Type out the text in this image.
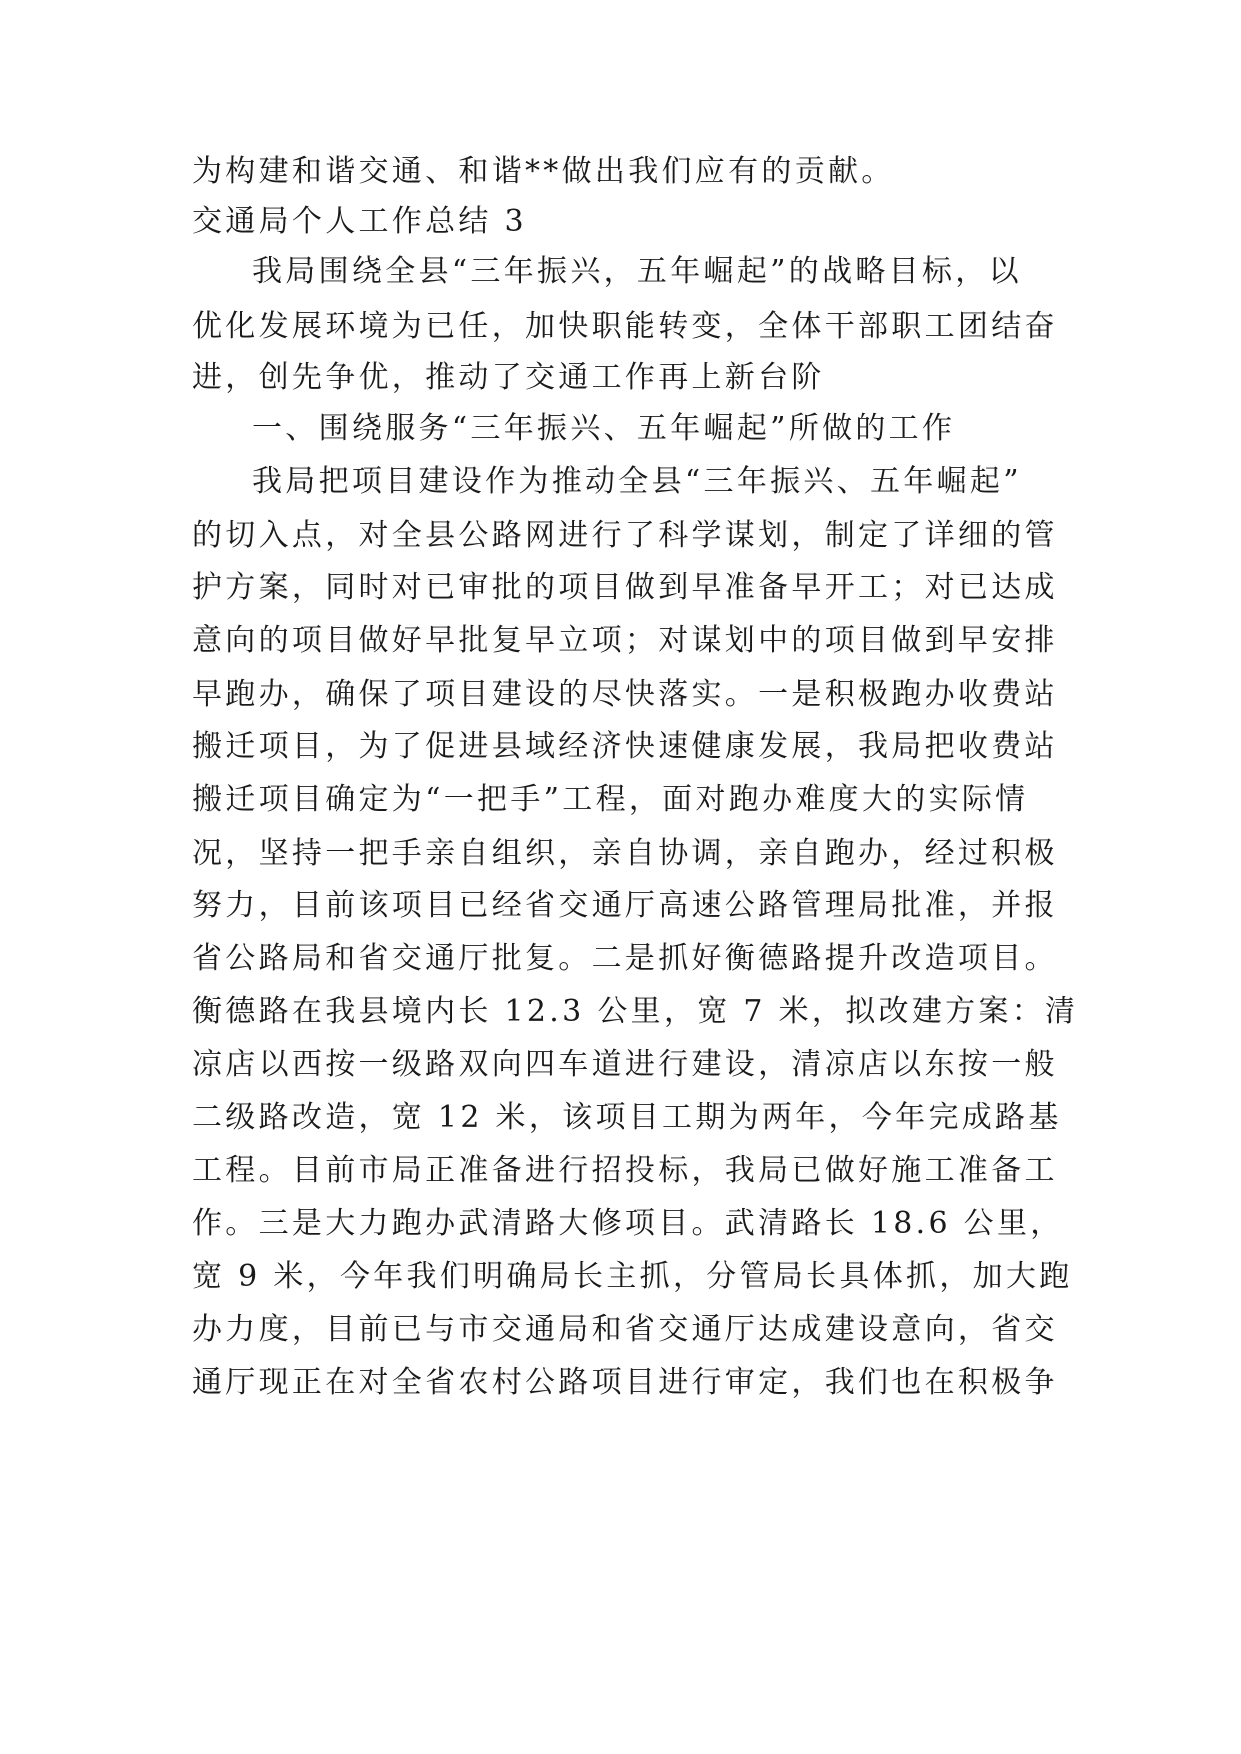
为构建和谐交通、和谐**做出我们应有的贡献。
交通局个人工作总结 3
我局围绕全县“三年振兴，五年崛起”的战略目标，以
优化发展环境为已任，加快职能转变，全体干部职工团结奋
进，创先争优，推动了交通工作再上新台阶
一、围绕服务“三年振兴、五年崛起”所做的工作
我局把项目建设作为推动全县“三年振兴、五年崛起”
的切入点，对全县公路网进行了科学谋划，制定了详细的管
护方案，同时对已审批的项目做到早准备早开工；对已达成
意向的项目做好早批复早立项；对谋划中的项目做到早安排
早跑办，确保了项目建设的尽快落实。一是积极跑办收费站
搬迁项目，为了促进县域经济快速健康发展，我局把收费站
搬迁项目确定为“一把手”工程，面对跑办难度大的实际情
况，坚持一把手亲自组织，亲自协调，亲自跑办，经过积极
努力，目前该项目已经省交通厅高速公路管理局批准，并报
省公路局和省交通厅批复。二是抓好衡德路提升改造项目。
衡德路在我县境内长 12.3 公里，宽 7 米，拟改建方案：清
凉店以西按一级路双向四车道进行建设，清凉店以东按一般
二级路改造，宽 12 米，该项目工期为两年，今年完成路基
工程。目前市局正准备进行招投标，我局已做好施工准备工
作。三是大力跑办武清路大修项目。武清路长 18.6 公里，
宽 9 米，今年我们明确局长主抓，分管局长具体抓，加大跑
办力度，目前已与市交通局和省交通厅达成建设意向，省交
通厅现正在对全省农村公路项目进行审定，我们也在积极争
